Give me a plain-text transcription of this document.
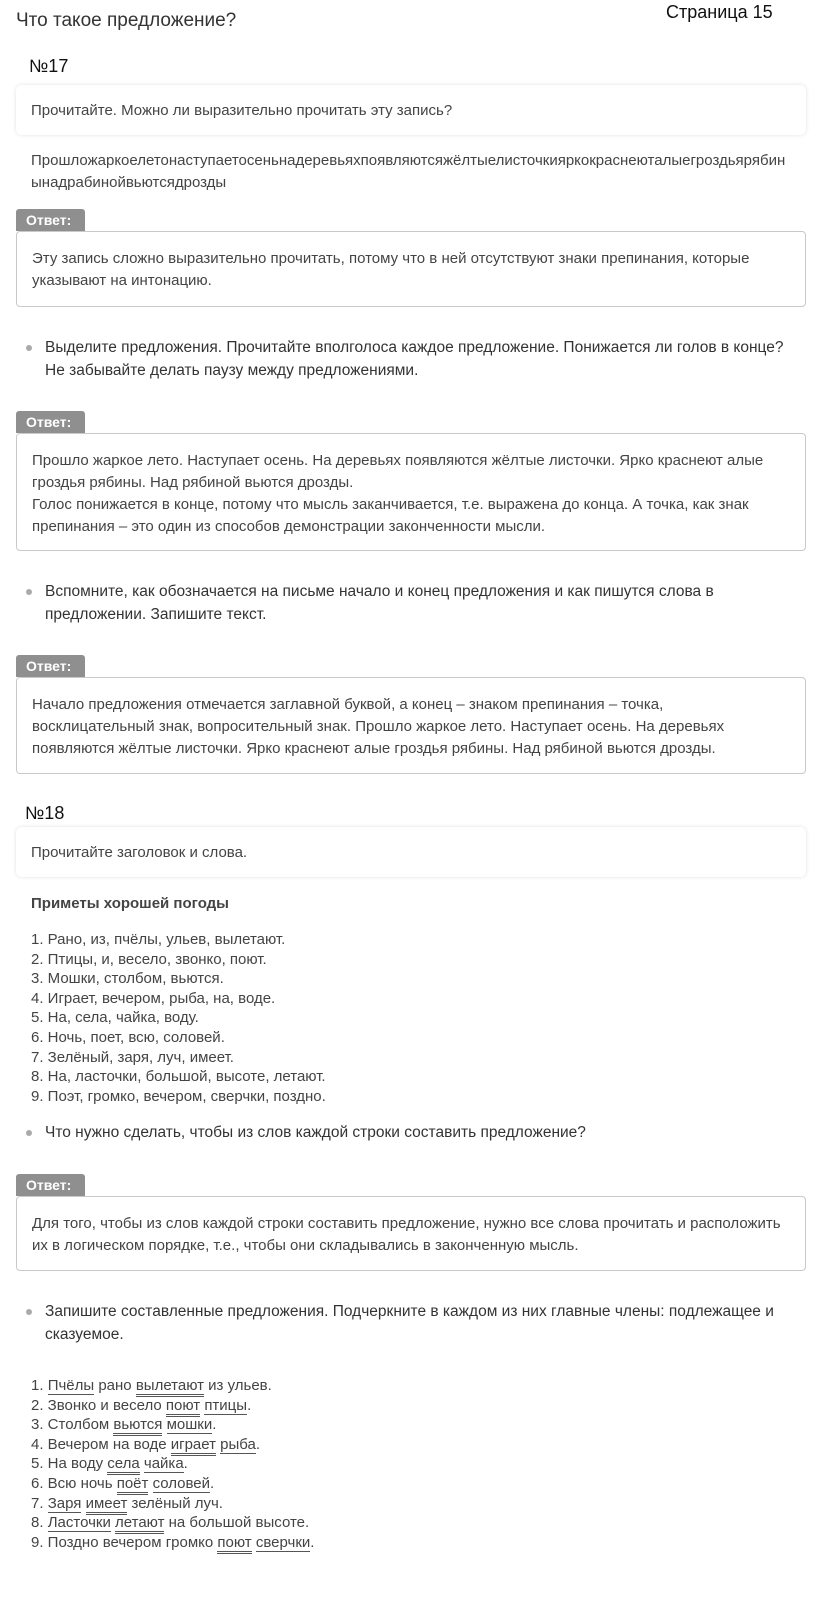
Что такое предложение?	Страница 15
№17
Прочитайте. Можно ли выразительно прочитать эту запись?
Прошложаркоелетонаступаетосеньнадеревьяхпоявляютсяжёлтыелисточкияркокраснеюталыегроздьярябинынадрабинойвьютсядрозды
Ответ:
Эту запись сложно выразительно прочитать, потому что в ней отсутствуют знаки препинания, которые указывают на интонацию.
Выделите предложения. Прочитайте вполголоса каждое предложение. Понижается ли голов в конце? Не забывайте делать паузу между предложениями.
Ответ:
Прошло жаркое лето. Наступает осень. На деревьях появляются жёлтые листочки. Ярко краснеют алые гроздья рябины. Над рябиной вьются дрозды.
Голос понижается в конце, потому что мысль заканчивается, т.е. выражена до конца. А точка, как знак препинания – это один из способов демонстрации законченности мысли.
Вспомните, как обозначается на письме начало и конец предложения и как пишутся слова в предложении. Запишите текст.
Ответ:
Начало предложения отмечается заглавной буквой, а конец – знаком препинания – точка, восклицательный знак, вопросительный знак. Прошло жаркое лето. Наступает осень. На деревьях появляются жёлтые листочки. Ярко краснеют алые гроздья рябины. Над рябиной вьются дрозды.
№18
Прочитайте заголовок и слова.
Приметы хорошей погоды
1. Рано, из, пчёлы, ульев, вылетают.
2. Птицы, и, весело, звонко, поют.
3. Мошки, столбом, вьются.
4. Играет, вечером, рыба, на, воде.
5. На, села, чайка, воду.
6. Ночь, поет, всю, соловей.
7. Зелёный, заря, луч, имеет.
8. На, ласточки, большой, высоте, летают.
9. Поэт, громко, вечером, сверчки, поздно.
Что нужно сделать, чтобы из слов каждой строки составить предложение?
Ответ:
Для того, чтобы из слов каждой строки составить предложение, нужно все слова прочитать и расположить их в логическом порядке, т.е., чтобы они складывались в законченную мысль.
Запишите составленные предложения. Подчеркните в каждом из них главные члены: подлежащее и сказуемое.
1. Пчёлы рано вылетают из ульев.
2. Звонко и весело поют птицы.
3. Столбом вьются мошки.
4. Вечером на воде играет рыба.
5. На воду села чайка.
6. Всю ночь поёт соловей.
7. Заря имеет зелёный луч.
8. Ласточки летают на большой высоте.
9. Поздно вечером громко поют сверчки.
